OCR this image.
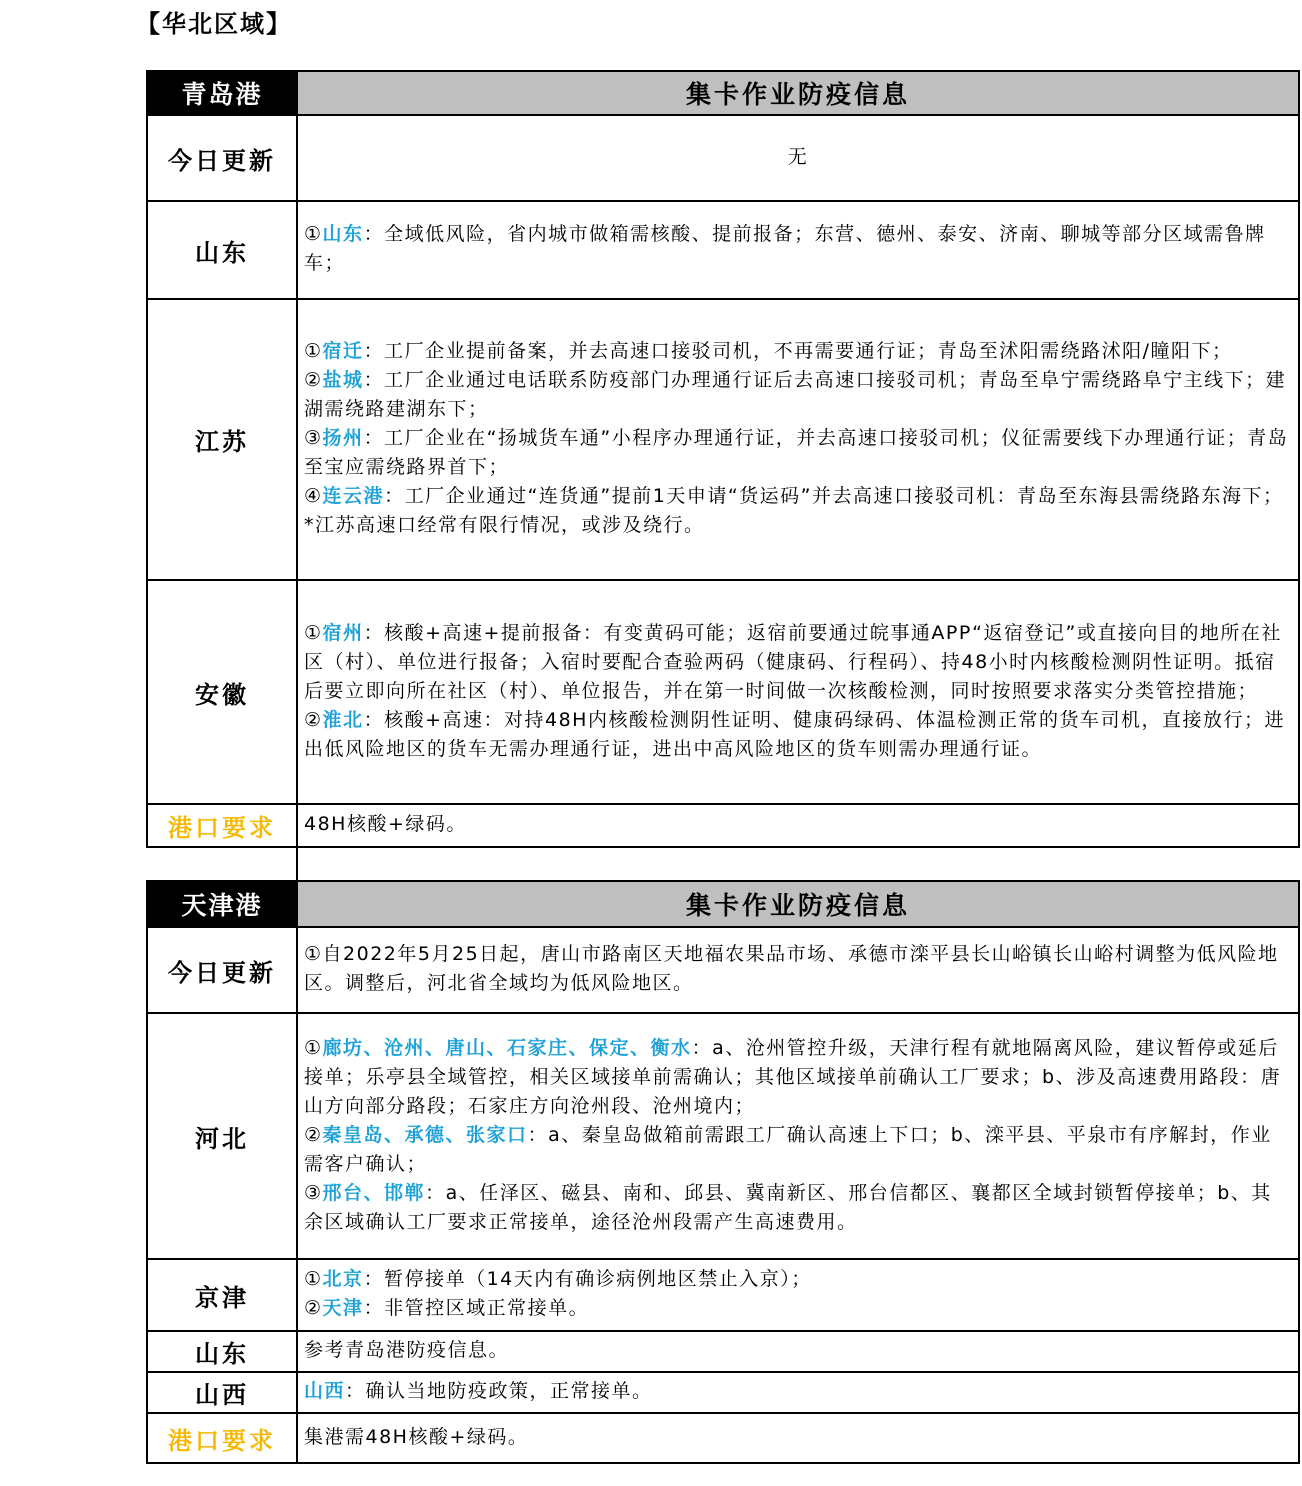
【华北区域】
青岛港	集卡作业防疫信息
今日更新	无
山东	①山东：全域低风险，省内城市做箱需核酸、提前报备；东营、德州、泰安、济南、聊城等部分区域需鲁牌车；

江苏	①宿迁：工厂企业提前备案，并去高速口接驳司机，不再需要通行证；青岛至沭阳需绕路沭阳/瞳阳下；
②盐城：工厂企业通过电话联系防疫部门办理通行证后去高速口接驳司机；青岛至阜宁需绕路阜宁主线下；建湖需绕路建湖东下；
③扬州：工厂企业在“扬城货车通”小程序办理通行证，并去高速口接驳司机；仪征需要线下办理通行证；青岛至宝应需绕路界首下；
④连云港：工厂企业通过“连货通”提前1天申请“货运码”并去高速口接驳司机：青岛至东海县需绕路东海下；
*江苏高速口经常有限行情况，或涉及绕行。

安徽	①宿州：核酸+高速+提前报备：有变黄码可能；返宿前要通过皖事通APP“返宿登记”或直接向目的地所在社区（村）、单位进行报备；入宿时要配合查验两码（健康码、行程码）、持48小时内核酸检测阴性证明。抵宿后要立即向所在社区（村）、单位报告，并在第一时间做一次核酸检测，同时按照要求落实分类管控措施；
②淮北：核酸+高速：对持48H内核酸检测阴性证明、健康码绿码、体温检测正常的货车司机，直接放行；进出低风险地区的货车无需办理通行证，进出中高风险地区的货车则需办理通行证。

港口要求	48H核酸+绿码。
天津港	集卡作业防疫信息
今日更新	①自2022年5月25日起，唐山市路南区天地福农果品市场、承德市滦平县长山峪镇长山峪村调整为低风险地区。调整后，河北省全域均为低风险地区。

河北	①廊坊、沧州、唐山、石家庄、保定、衡水：a、沧州管控升级，天津行程有就地隔离风险，建议暂停或延后接单；乐亭县全域管控，相关区域接单前需确认；其他区域接单前确认工厂要求；b、涉及高速费用路段：唐山方向部分路段；石家庄方向沧州段、沧州境内；
②秦皇岛、承德、张家口：a、秦皇岛做箱前需跟工厂确认高速上下口；b、滦平县、平泉市有序解封，作业需客户确认；
③邢台、邯郸：a、任泽区、磁县、南和、邱县、冀南新区、邢台信都区、襄都区全域封锁暂停接单；b、其余区域确认工厂要求正常接单，途径沧州段需产生高速费用。

京津	①北京：暂停接单（14天内有确诊病例地区禁止入京）；
②天津：非管控区域正常接单。

山东	参考青岛港防疫信息。
山西	山西：确认当地防疫政策，正常接单。

港口要求	集港需48H核酸+绿码。
